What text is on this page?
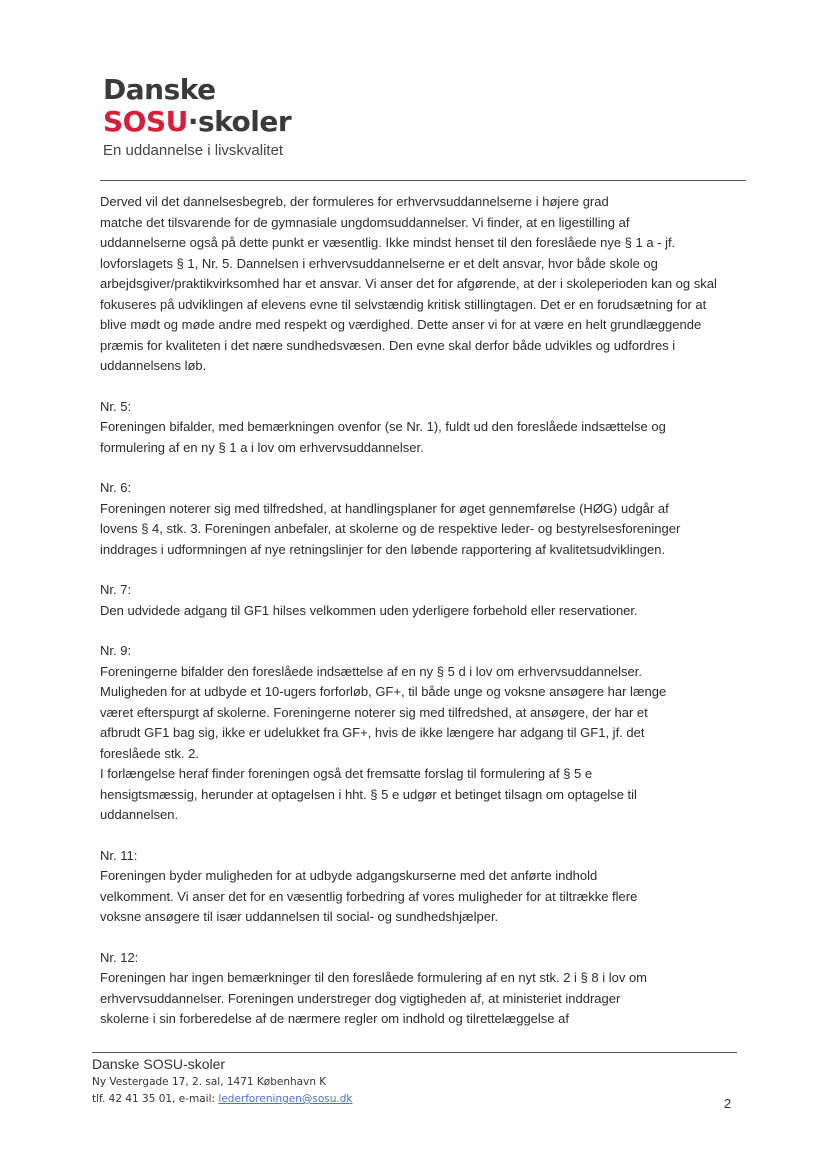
Danske
SOSU·skoler
En uddannelse i livskvalitet
Derved vil det dannelsesbegreb, der formuleres for erhvervsuddannelserne i højere grad
matche det tilsvarende for de gymnasiale ungdomsuddannelser. Vi finder, at en ligestilling af
uddannelserne også på dette punkt er væsentlig. Ikke mindst henset til den foreslåede nye § 1 a - jf.
lovforslagets § 1, Nr. 5. Dannelsen i erhvervsuddannelserne er et delt ansvar, hvor både skole og
arbejdsgiver/praktikvirksomhed har et ansvar. Vi anser det for afgørende, at der i skoleperioden kan og skal
fokuseres på udviklingen af elevens evne til selvstændig kritisk stillingtagen. Det er en forudsætning for at
blive mødt og møde andre med respekt og værdighed. Dette anser vi for at være en helt grundlæggende
præmis for kvaliteten i det nære sundhedsvæsen. Den evne skal derfor både udvikles og udfordres i
uddannelsens løb.
Nr. 5:
Foreningen bifalder, med bemærkningen ovenfor (se Nr. 1), fuldt ud den foreslåede indsættelse og
formulering af en ny § 1 a i lov om erhvervsuddannelser.
Nr. 6:
Foreningen noterer sig med tilfredshed, at handlingsplaner for øget gennemførelse (HØG) udgår af
lovens § 4, stk. 3. Foreningen anbefaler, at skolerne og de respektive leder- og bestyrelsesforeninger
inddrages i udformningen af nye retningslinjer for den løbende rapportering af kvalitetsudviklingen.
Nr. 7:
Den udvidede adgang til GF1 hilses velkommen uden yderligere forbehold eller reservationer.
Nr. 9:
Foreningerne bifalder den foreslåede indsættelse af en ny § 5 d i lov om erhvervsuddannelser.
Muligheden for at udbyde et 10-ugers forforløb, GF+, til både unge og voksne ansøgere har længe
været efterspurgt af skolerne. Foreningerne noterer sig med tilfredshed, at ansøgere, der har et
afbrudt GF1 bag sig, ikke er udelukket fra GF+, hvis de ikke længere har adgang til GF1, jf. det
foreslåede stk. 2.
I forlængelse heraf finder foreningen også det fremsatte forslag til formulering af § 5 e
hensigtsmæssig, herunder at optagelsen i hht. § 5 e udgør et betinget tilsagn om optagelse til
uddannelsen.
Nr. 11:
Foreningen byder muligheden for at udbyde adgangskurserne med det anførte indhold
velkomment. Vi anser det for en væsentlig forbedring af vores muligheder for at tiltrække flere
voksne ansøgere til især uddannelsen til social- og sundhedshjælper.
Nr. 12:
Foreningen har ingen bemærkninger til den foreslåede formulering af en nyt stk. 2 i § 8 i lov om
erhvervsuddannelser. Foreningen understreger dog vigtigheden af, at ministeriet inddrager
skolerne i sin forberedelse af de nærmere regler om indhold og tilrettelæggelse af
Danske SOSU-skoler
Ny Vestergade 17, 2. sal, 1471 København K
tlf. 42 41 35 01, e-mail: lederforeningen@sosu.dk	2
